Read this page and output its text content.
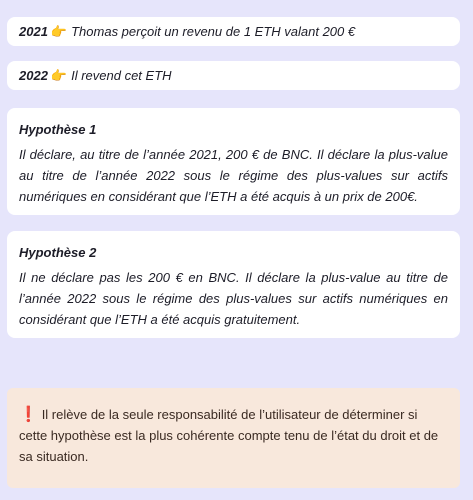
2021 👉 Thomas perçoit un revenu de 1 ETH valant 200 €
2022 👉 Il revend cet ETH
Hypothèse 1

Il déclare, au titre de l’année 2021, 200 € de BNC. Il déclare la plus-value au titre de l’année 2022 sous le régime des plus-values sur actifs numériques en considérant que l’ETH a été acquis à un prix de 200€.

Hypothèse 2

Il ne déclare pas les 200 € en BNC. Il déclare la plus-value au titre de l’année 2022 sous le régime des plus-values sur actifs numériques en considérant que l’ETH a été acquis gratuitement.

❗ Il relève de la seule responsabilité de l’utilisateur de déterminer si cette hypothèse est la plus cohérente compte tenu de l’état du droit et de sa situation.
